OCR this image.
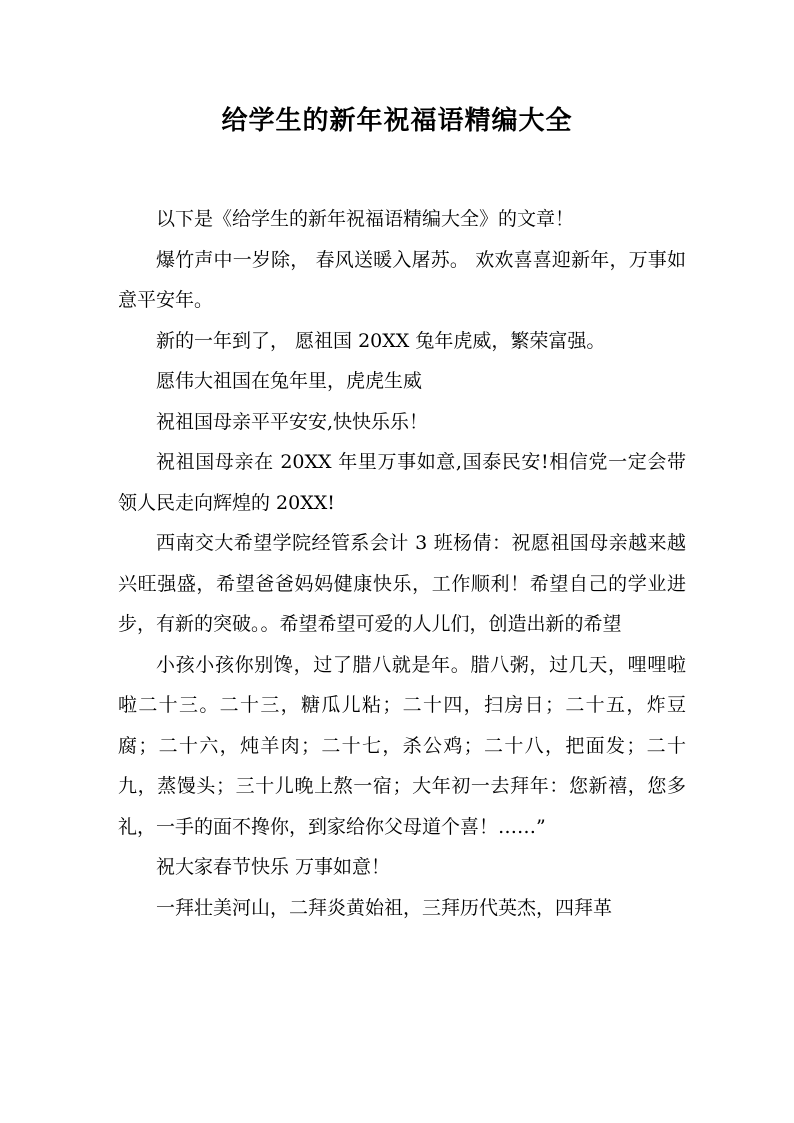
给学生的新年祝福语精编大全

以下是《给学生的新年祝福语精编大全》的文章！

爆竹声中一岁除， 春风送暖入屠苏。 欢欢喜喜迎新年，万事如意平安年。

新的一年到了， 愿祖国 20XX 兔年虎威，繁荣富强。

愿伟大祖国在兔年里，虎虎生威

祝祖国母亲平平安安,快快乐乐！

祝祖国母亲在 20XX 年里万事如意,国泰民安!相信党一定会带领人民走向辉煌的 20XX!

西南交大希望学院经管系会计 3 班杨倩：祝愿祖国母亲越来越兴旺强盛，希望爸爸妈妈健康快乐，工作顺利！希望自己的学业进步，有新的突破。。希望希望可爱的人儿们，创造出新的希望

小孩小孩你别馋，过了腊八就是年。腊八粥，过几天，哩哩啦啦二十三。二十三，糖瓜儿粘；二十四，扫房日；二十五，炸豆腐；二十六，炖羊肉；二十七，杀公鸡；二十八，把面发；二十九，蒸馒头；三十儿晚上熬一宿；大年初一去拜年：您新禧，您多礼，一手的面不搀你，到家给你父母道个喜！……”

祝大家春节快乐 万事如意！

一拜壮美河山，二拜炎黄始祖，三拜历代英杰，四拜革
